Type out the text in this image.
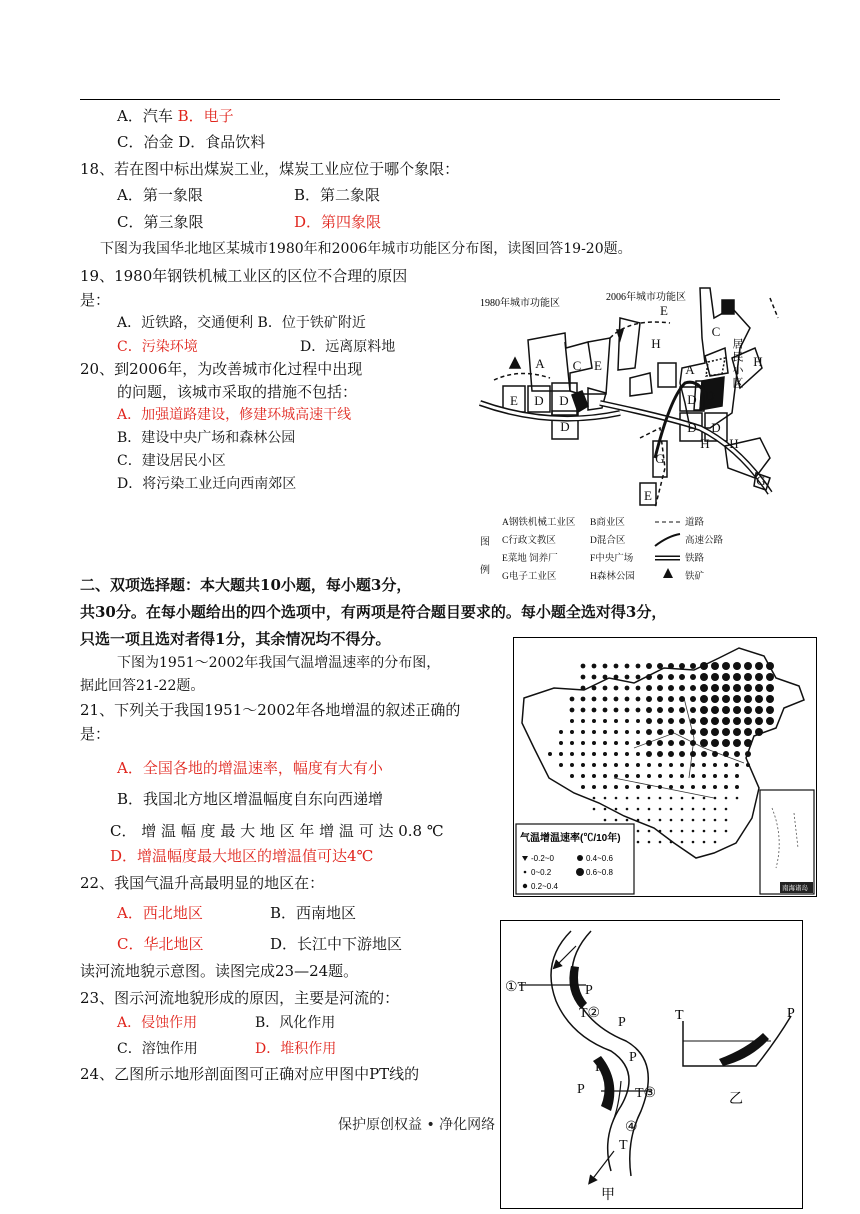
A．汽车 B．电子
C．冶金 D．食品饮料
18、若在图中标出煤炭工业，煤炭工业应位于哪个象限：
A．第一象限	B．第二象限
C．第三象限	D．第四象限
下图为我国华北地区某城市1980年和2006年城市功能区分布图，读图回答19-20题。
19、1980年钢铁机械工业区的区位不合理的原因
是：
A．近铁路，交通便利 B．位于铁矿附近
C．污染环境	D．远离原料地
20、到2006年，为改善城市化过程中出现
的问题，该城市采取的措施不包括：
A．加强道路建设，修建环城高速干线
B．建设中央广场和森林公园
C．建设居民小区
D．将污染工业迁向西南郊区
二、双项选择题：本大题共10小题，每小题3分，
共30分。在每小题给出的四个选项中，有两项是符合题目要求的。每小题全选对得3分，
只选一项且选对者得1分，其余情况均不得分。
下图为1951～2002年我国气温增温速率的分布图，
据此回答21-22题。
21、下列关于我国1951～2002年各地增温的叙述正确的
是：
A．全国各地的增温速率，幅度有大有小
B．我国北方地区增温幅度自东向西递增
C． 增 温 幅 度 最 大 地 区 年 增 温 可 达 0.8 ℃
D．增温幅度最大地区的增温值可达4℃
22、我国气温升高最明显的地区在：
A．西北地区	B．西南地区
C．华北地区	D．长江中下游地区
读河流地貌示意图。读图完成23—24题。
23、图示河流地貌形成的原因，主要是河流的：
A．侵蚀作用	B．风化作用
C．溶蚀作用	D．堆积作用
24、乙图所示地形剖面图可正确对应甲图中PT线的
1980年城市功能区
2006年城市功能区
A C E
D D
D
E
H
C
A
D
D D
H
D
E
H
G
E
G
H
居民小区
图例
A钢铁机械工业区 B商业区	道路
C行政文教区	D混合区	高速公路
E菜地 饲养厂	F中央广场	铁路
G电子工业区	H森林公园	铁矿
南海诸岛
气温增温速率(℃/10年)
-0.2~0	0.4~0.6
0~0.2	0.6~0.8
0.2~0.4
①T	P
T②
P
P
P	T③
P
④
T
甲
T	P
乙
保护原创权益 • 净化网络
